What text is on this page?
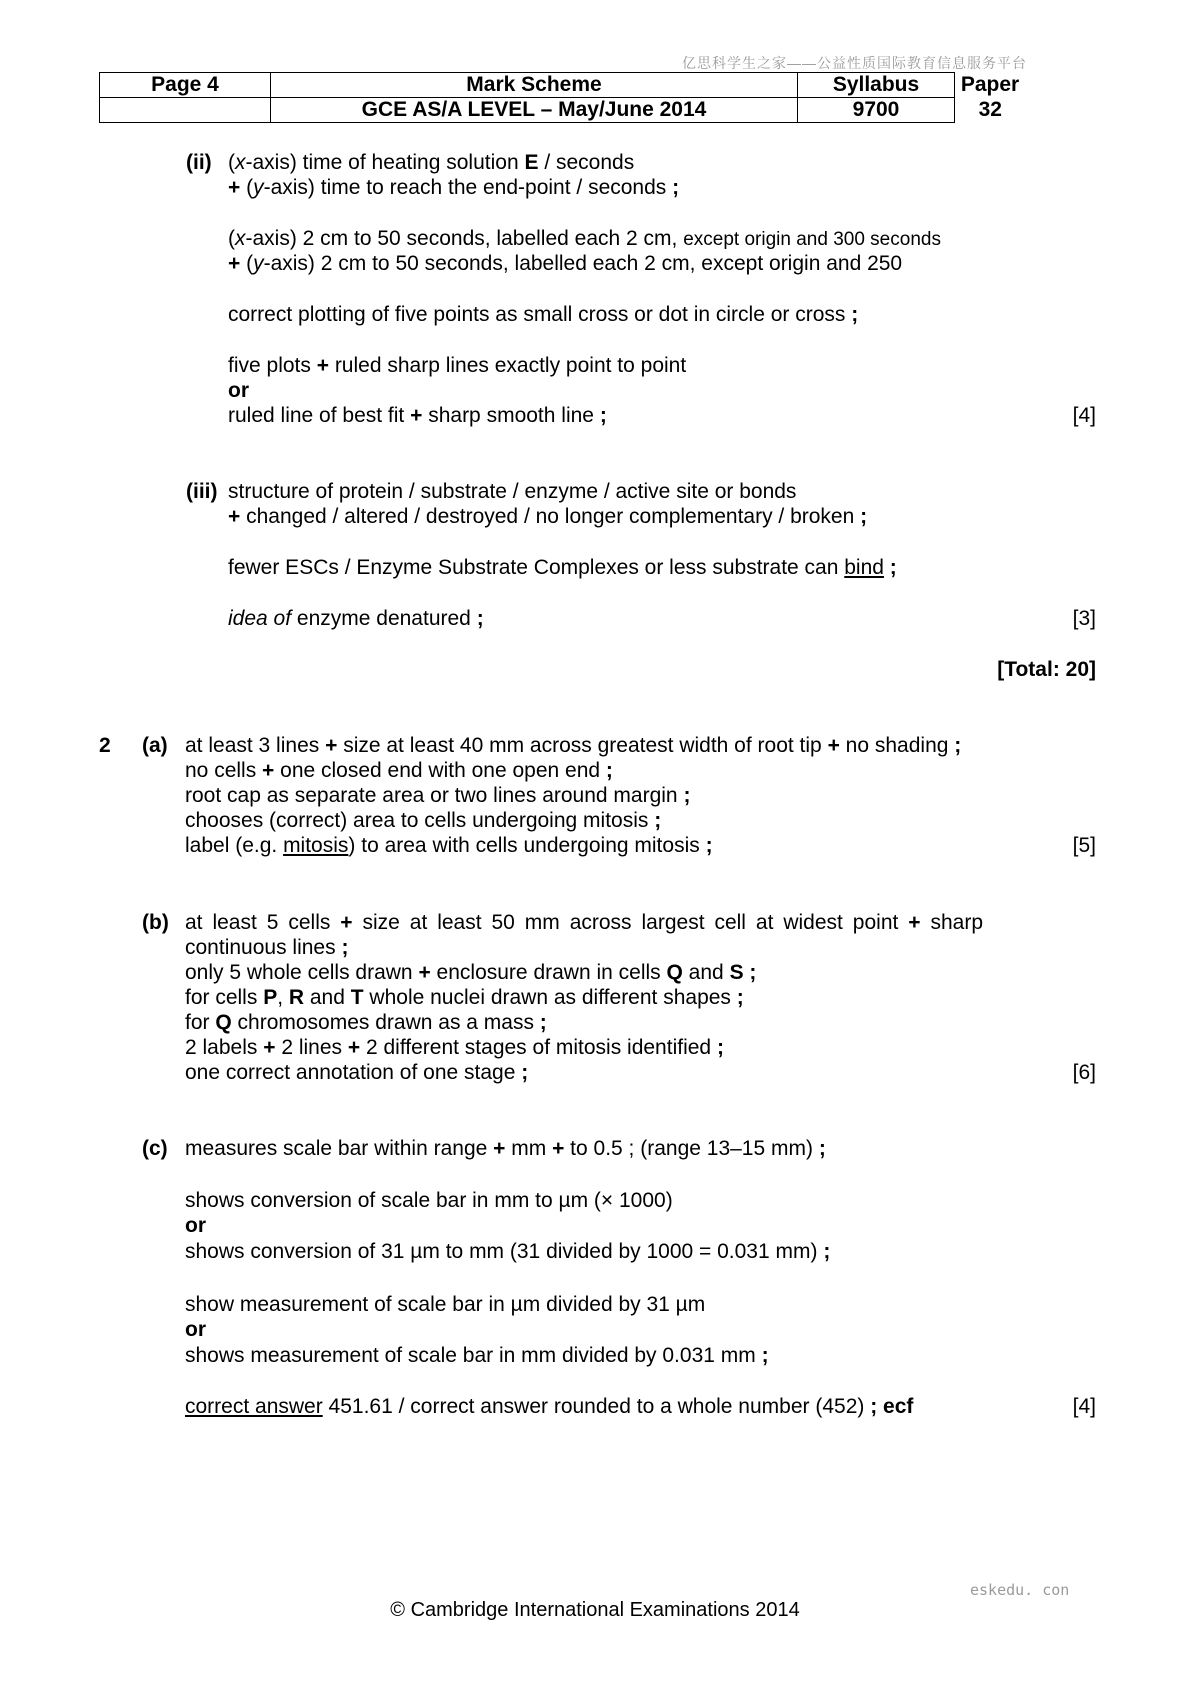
亿思科学生之家——公益性质国际教育信息服务平台
Page 4	Mark Scheme	Syllabus	Paper
	GCE AS/A LEVEL – May/June 2014	9700	32
(ii) (x-axis) time of heating solution E / seconds
+ (y-axis) time to reach the end-point / seconds ;
(x-axis) 2 cm to 50 seconds, labelled each 2 cm, except origin and 300 seconds
+ (y-axis) 2 cm to 50 seconds, labelled each 2 cm, except origin and 250
correct plotting of five points as small cross or dot in circle or cross ;
five plots + ruled sharp lines exactly point to point
or
ruled line of best fit + sharp smooth line ;	[4]
(iii) structure of protein / substrate / enzyme / active site or bonds
+ changed / altered / destroyed / no longer complementary / broken ;
fewer ESCs / Enzyme Substrate Complexes or less substrate can bind ;
idea of enzyme denatured ;	[3]
[Total: 20]
2 (a) at least 3 lines + size at least 40 mm across greatest width of root tip + no shading ;
no cells + one closed end with one open end ;
root cap as separate area or two lines around margin ;
chooses (correct) area to cells undergoing mitosis ;
label (e.g. mitosis) to area with cells undergoing mitosis ;	[5]
(b) at least 5 cells + size at least 50 mm across largest cell at widest point + sharp
continuous lines ;
only 5 whole cells drawn + enclosure drawn in cells Q and S ;
for cells P, R and T whole nuclei drawn as different shapes ;
for Q chromosomes drawn as a mass ;
2 labels + 2 lines + 2 different stages of mitosis identified ;
one correct annotation of one stage ;	[6]
(c) measures scale bar within range + mm + to 0.5 ; (range 13–15 mm) ;
shows conversion of scale bar in mm to µm (× 1000)
or
shows conversion of 31 µm to mm (31 divided by 1000 = 0.031 mm) ;
show measurement of scale bar in µm divided by 31 µm
or
shows measurement of scale bar in mm divided by 0.031 mm ;
correct answer 451.61 / correct answer rounded to a whole number (452) ; ecf	[4]
eskedu. con
© Cambridge International Examinations 2014
